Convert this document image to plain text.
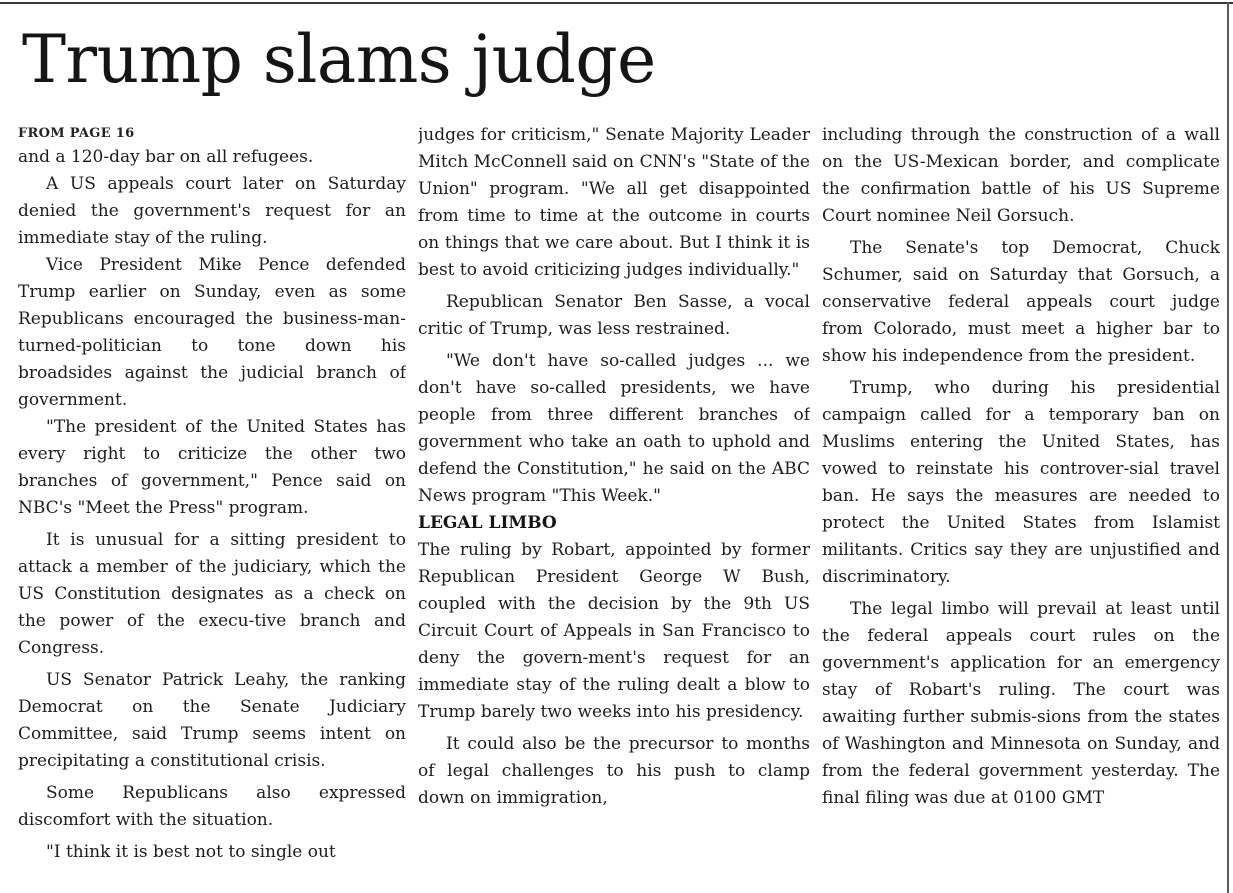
Trump slams judge
FROM PAGE 16

and a 120-day bar on all refugees.

A US appeals court later on Saturday denied the government's request for an immediate stay of the ruling.

Vice President Mike Pence defended Trump earlier on Sunday, even as some Republicans encouraged the business-man-turned-politician to tone down his broadsides against the judicial branch of government.

"The president of the United States has every right to criticize the other two branches of government," Pence said on NBC's "Meet the Press" program.

It is unusual for a sitting president to attack a member of the judiciary, which the US Constitution designates as a check on the power of the execu-tive branch and Congress.

US Senator Patrick Leahy, the ranking Democrat on the Senate Judiciary Committee, said Trump seems intent on precipitating a constitutional crisis.

Some Republicans also expressed discomfort with the situation.

"I think it is best not to single out

judges for criticism," Senate Majority Leader Mitch McConnell said on CNN's "State of the Union" program. "We all get disappointed from time to time at the outcome in courts on things that we care about. But I think it is best to avoid criticizing judges individually."

Republican Senator Ben Sasse, a vocal critic of Trump, was less restrained.

"We don't have so-called judges ... we don't have so-called presidents, we have people from three different branches of government who take an oath to uphold and defend the Constitution," he said on the ABC News program "This Week."

LEGAL LIMBO

The ruling by Robart, appointed by former Republican President George W Bush, coupled with the decision by the 9th US Circuit Court of Appeals in San Francisco to deny the govern-ment's request for an immediate stay of the ruling dealt a blow to Trump barely two weeks into his presidency.

It could also be the precursor to months of legal challenges to his push to clamp down on immigration,

including through the construction of a wall on the US-Mexican border, and complicate the confirmation battle of his US Supreme Court nominee Neil Gorsuch.

The Senate's top Democrat, Chuck Schumer, said on Saturday that Gorsuch, a conservative federal appeals court judge from Colorado, must meet a higher bar to show his independence from the president.

Trump, who during his presidential campaign called for a temporary ban on Muslims entering the United States, has vowed to reinstate his controver-sial travel ban. He says the measures are needed to protect the United States from Islamist militants. Critics say they are unjustified and discriminatory.

The legal limbo will prevail at least until the federal appeals court rules on the government's application for an emergency stay of Robart's ruling. The court was awaiting further submis-sions from the states of Washington and Minnesota on Sunday, and from the federal government yesterday. The final filing was due at 0100 GMT
